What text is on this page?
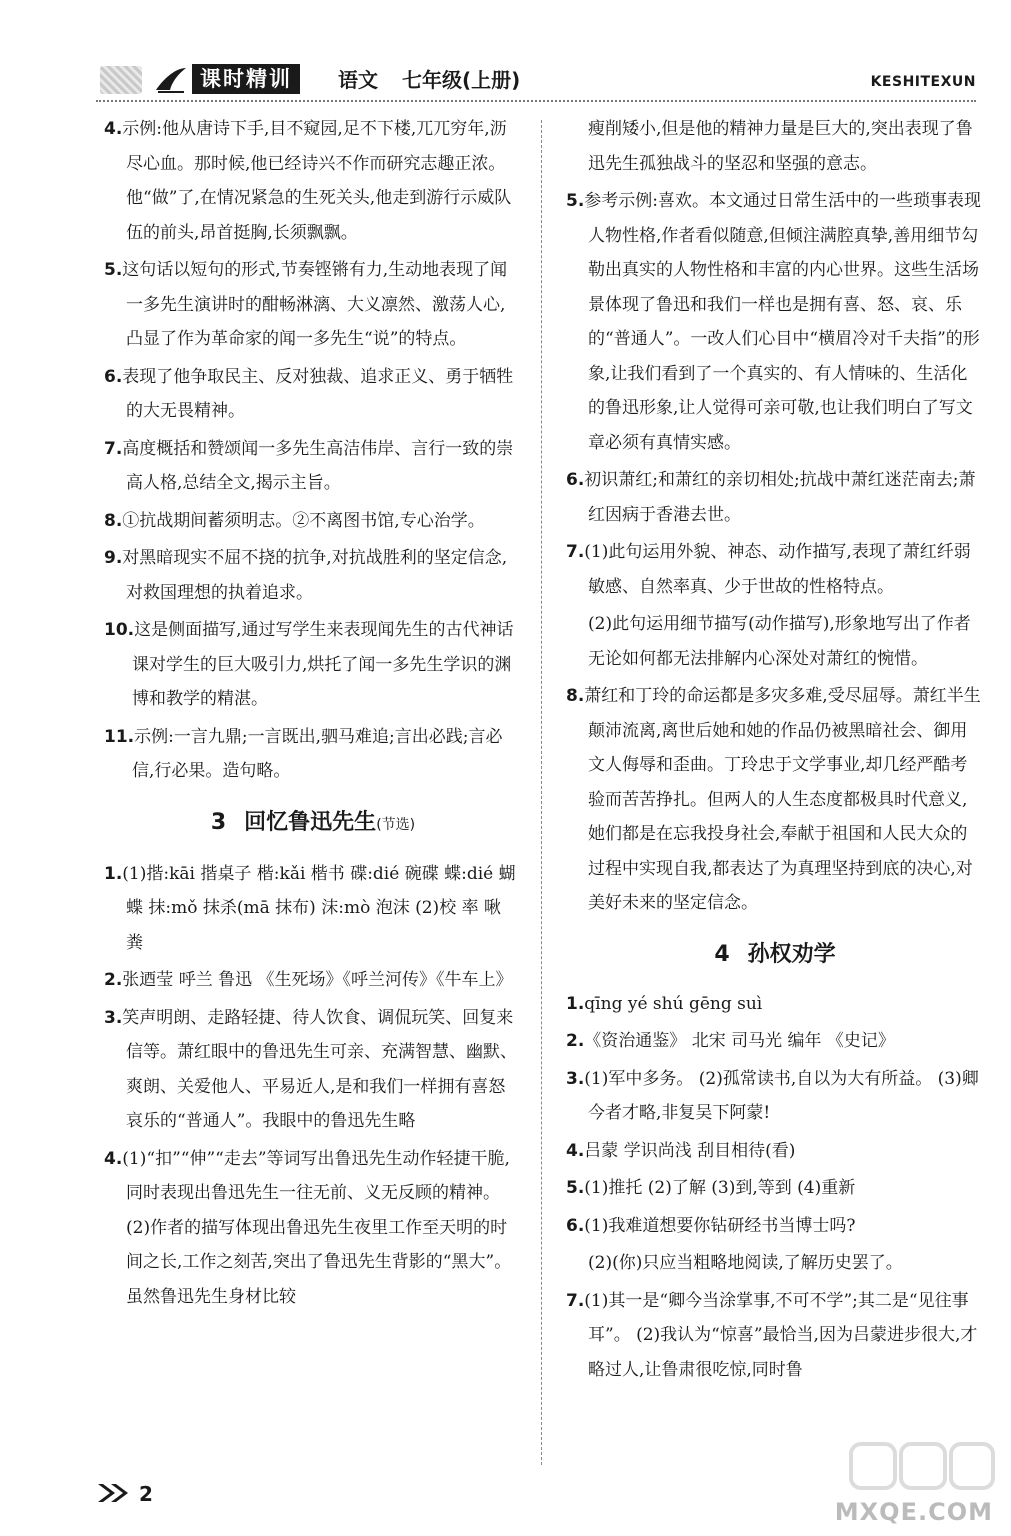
课时精训	语文 七年级(上册)	KESHITEXUN

4.示例:他从唐诗下手,目不窥园,足不下楼,兀兀穷年,沥尽心血。那时候,他已经诗兴不作而研究志趣正浓。他“做”了,在情况紧急的生死关头,他走到游行示威队伍的前头,昂首挺胸,长须飘飘。

5.这句话以短句的形式,节奏铿锵有力,生动地表现了闻一多先生演讲时的酣畅淋漓、大义凛然、激荡人心,凸显了作为革命家的闻一多先生“说”的特点。

6.表现了他争取民主、反对独裁、追求正义、勇于牺牲的大无畏精神。

7.高度概括和赞颂闻一多先生高洁伟岸、言行一致的崇高人格,总结全文,揭示主旨。

8.①抗战期间蓄须明志。②不离图书馆,专心治学。

9.对黑暗现实不屈不挠的抗争,对抗战胜利的坚定信念,对救国理想的执着追求。

10.这是侧面描写,通过写学生来表现闻先生的古代神话课对学生的巨大吸引力,烘托了闻一多先生学识的渊博和教学的精湛。

11.示例:一言九鼎;一言既出,驷马难追;言出必践;言必信,行必果。造句略。

3 回忆鲁迅先生(节选)

1.(1)揩:kāi 揩桌子 楷:kǎi 楷书 碟:dié 碗碟 蝶:dié 蝴蝶 抹:mǒ 抹杀(mā 抹布) 沫:mò 泡沫 (2)校 率 啾 粪

2.张迺莹 呼兰 鲁迅 《生死场》《呼兰河传》《牛车上》

3.笑声明朗、走路轻捷、待人饮食、调侃玩笑、回复来信等。萧红眼中的鲁迅先生可亲、充满智慧、幽默、爽朗、关爱他人、平易近人,是和我们一样拥有喜怒哀乐的“普通人”。我眼中的鲁迅先生略

4.(1)“扣”“伸”“走去”等词写出鲁迅先生动作轻捷干脆,同时表现出鲁迅先生一往无前、义无反顾的精神。 (2)作者的描写体现出鲁迅先生夜里工作至天明的时间之长,工作之刻苦,突出了鲁迅先生背影的“黑大”。虽然鲁迅先生身材比较

瘦削矮小,但是他的精神力量是巨大的,突出表现了鲁迅先生孤独战斗的坚忍和坚强的意志。

5.参考示例:喜欢。本文通过日常生活中的一些琐事表现人物性格,作者看似随意,但倾注满腔真挚,善用细节勾勒出真实的人物性格和丰富的内心世界。这些生活场景体现了鲁迅和我们一样也是拥有喜、怒、哀、乐的“普通人”。一改人们心目中“横眉冷对千夫指”的形象,让我们看到了一个真实的、有人情味的、生活化的鲁迅形象,让人觉得可亲可敬,也让我们明白了写文章必须有真情实感。

6.初识萧红;和萧红的亲切相处;抗战中萧红迷茫南去;萧红因病于香港去世。

7.(1)此句运用外貌、神态、动作描写,表现了萧红纤弱敏感、自然率真、少于世故的性格特点。

(2)此句运用细节描写(动作描写),形象地写出了作者无论如何都无法排解内心深处对萧红的惋惜。

8.萧红和丁玲的命运都是多灾多难,受尽屈辱。萧红半生颠沛流离,离世后她和她的作品仍被黑暗社会、御用文人侮辱和歪曲。丁玲忠于文学事业,却几经严酷考验而苦苦挣扎。但两人的人生态度都极具时代意义,她们都是在忘我投身社会,奉献于祖国和人民大众的过程中实现自我,都表达了为真理坚持到底的决心,对美好未来的坚定信念。

4 孙权劝学

1.qīng yé shú gēng suì

2.《资治通鉴》 北宋 司马光 编年 《史记》

3.(1)军中多务。 (2)孤常读书,自以为大有所益。 (3)卿今者才略,非复吴下阿蒙!

4.吕蒙 学识尚浅 刮目相待(看)

5.(1)推托 (2)了解 (3)到,等到 (4)重新

6.(1)我难道想要你钻研经书当博士吗?

(2)(你)只应当粗略地阅读,了解历史罢了。

7.(1)其一是“卿今当涂掌事,不可不学”;其二是“见往事耳”。 (2)我认为“惊喜”最恰当,因为吕蒙进步很大,才略过人,让鲁肃很吃惊,同时鲁

2
MXQE.COM
